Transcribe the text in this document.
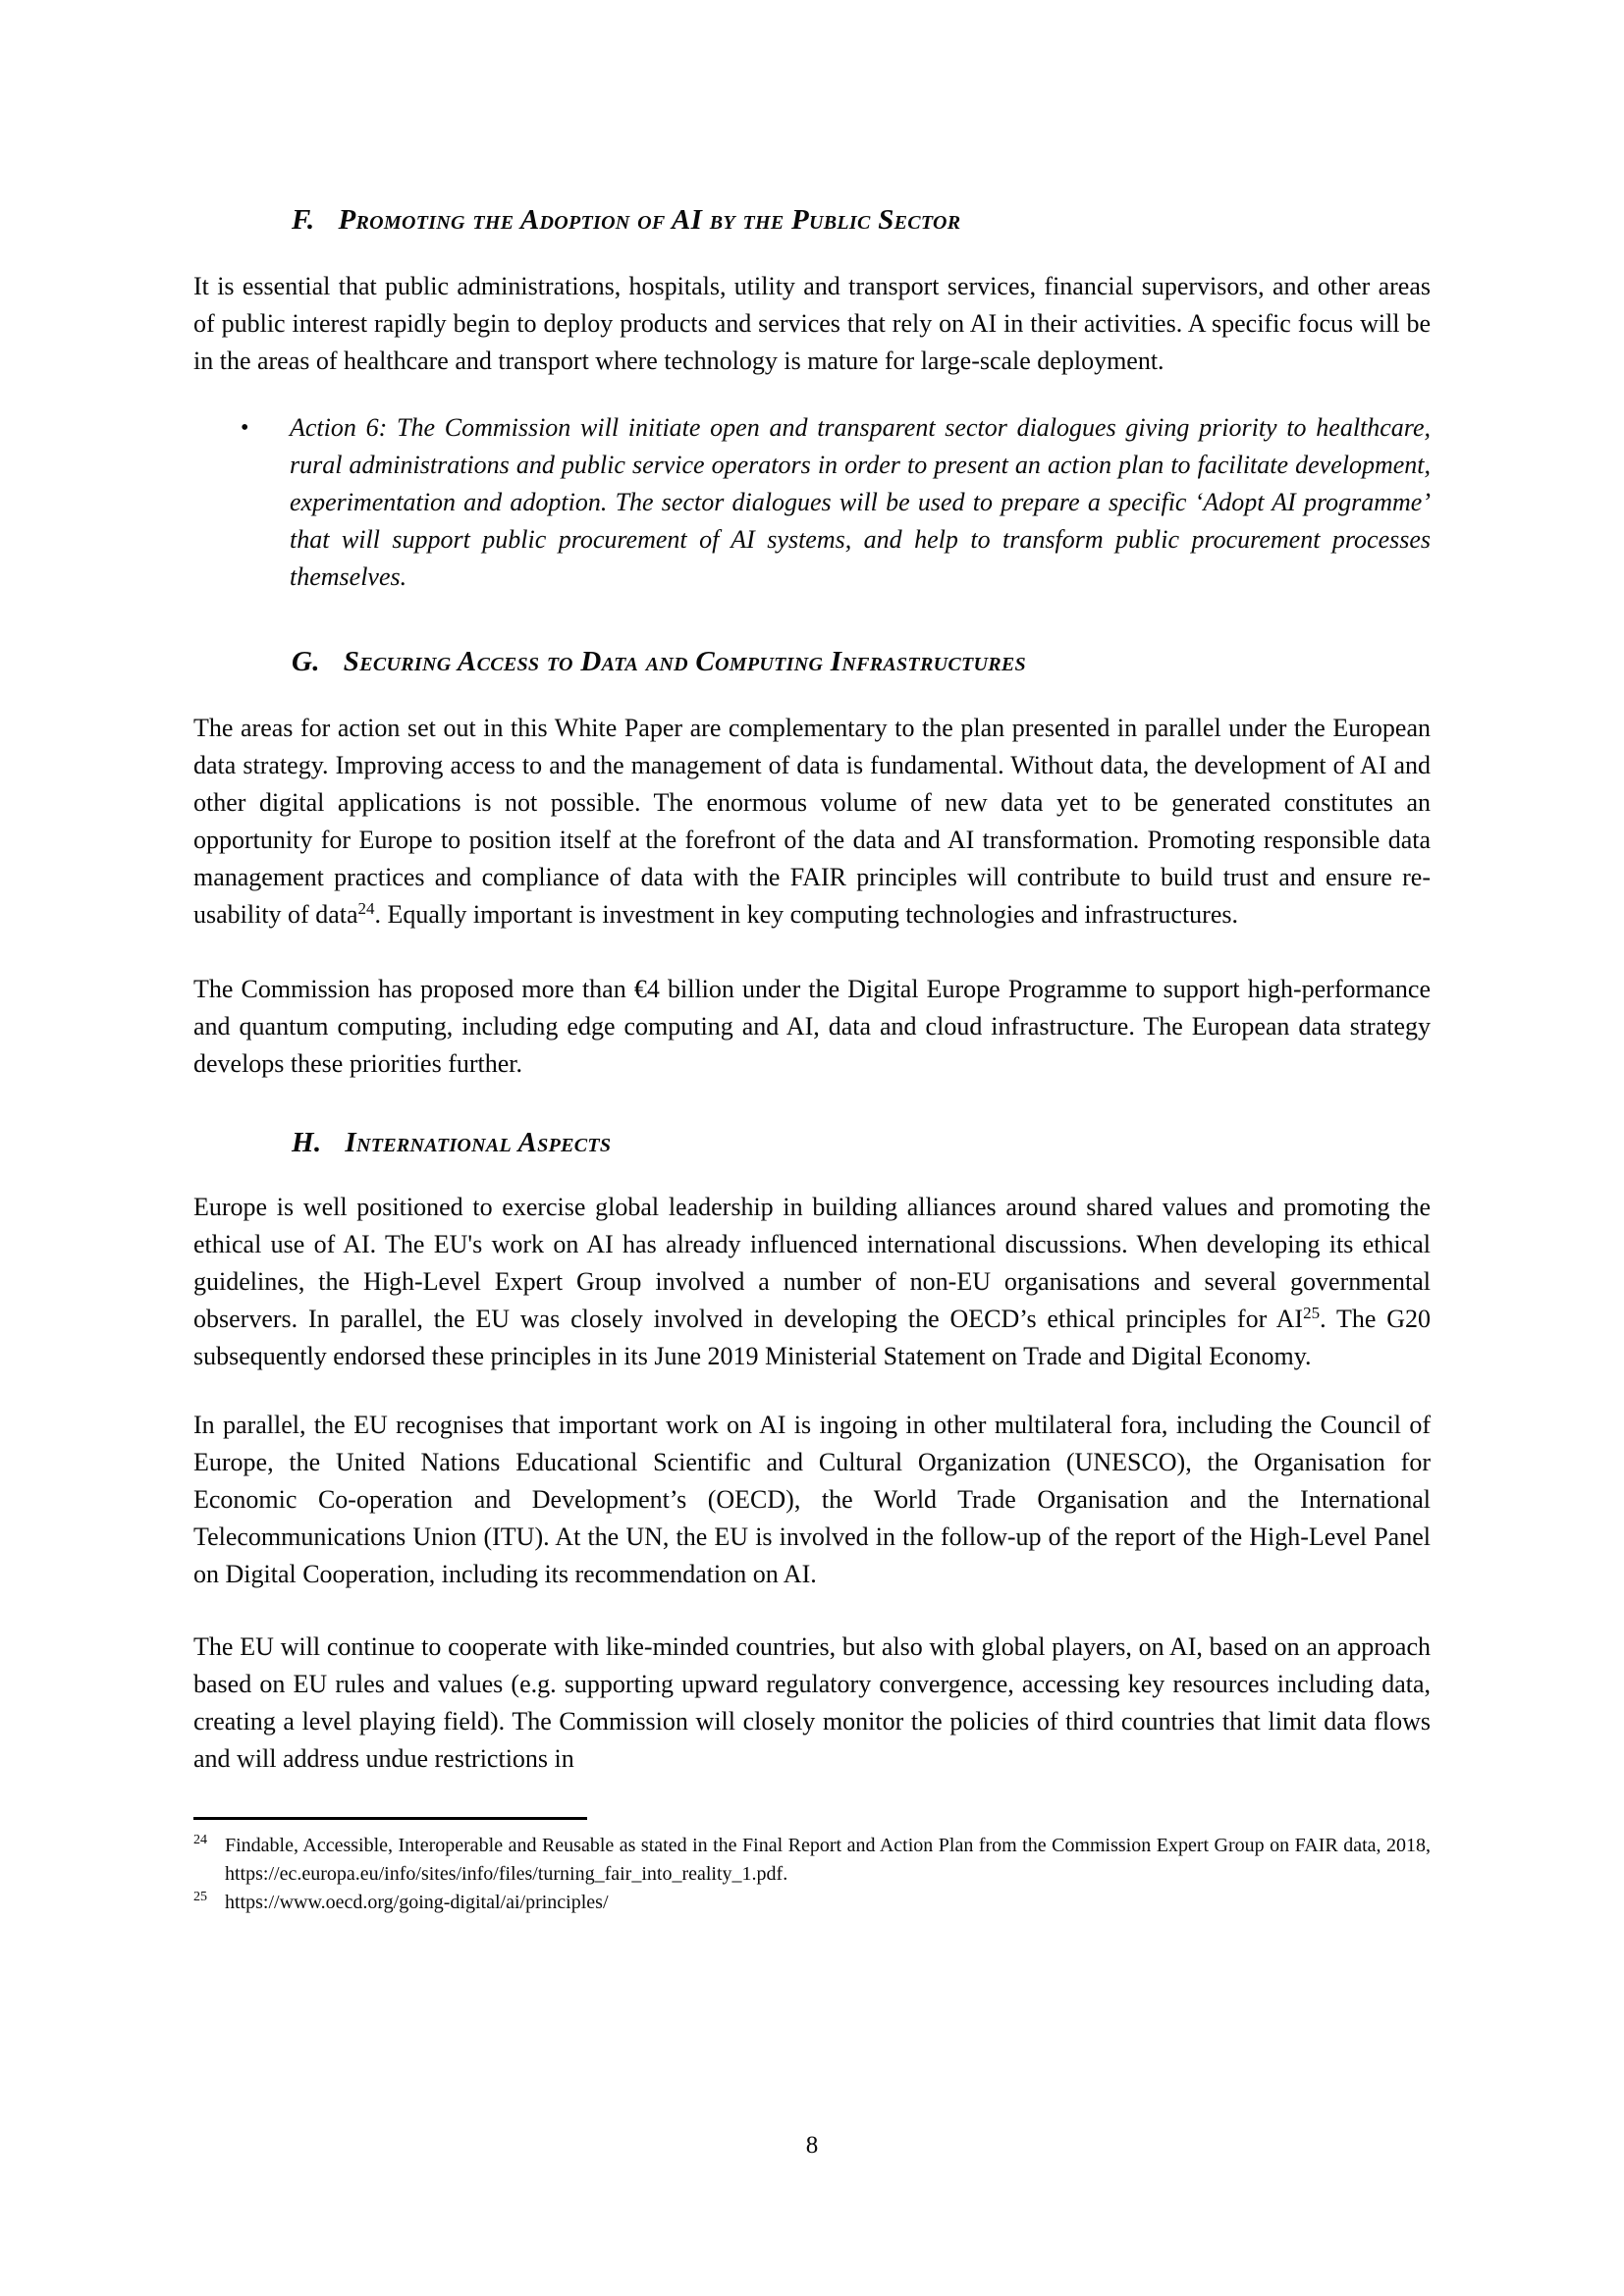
F. Promoting the Adoption of AI by the Public Sector

It is essential that public administrations, hospitals, utility and transport services, financial supervisors, and other areas of public interest rapidly begin to deploy products and services that rely on AI in their activities. A specific focus will be in the areas of healthcare and transport where technology is mature for large-scale deployment.

•	Action 6: The Commission will initiate open and transparent sector dialogues giving priority to healthcare, rural administrations and public service operators in order to present an action plan to facilitate development, experimentation and adoption. The sector dialogues will be used to prepare a specific ‘Adopt AI programme’ that will support public procurement of AI systems, and help to transform public procurement processes themselves.
G. Securing Access to Data and Computing Infrastructures

The areas for action set out in this White Paper are complementary to the plan presented in parallel under the European data strategy. Improving access to and the management of data is fundamental. Without data, the development of AI and other digital applications is not possible. The enormous volume of new data yet to be generated constitutes an opportunity for Europe to position itself at the forefront of the data and AI transformation. Promoting responsible data management practices and compliance of data with the FAIR principles will contribute to build trust and ensure re-usability of data$^{24}$. Equally important is investment in key computing technologies and infrastructures.

The Commission has proposed more than €4 billion under the Digital Europe Programme to support high-performance and quantum computing, including edge computing and AI, data and cloud infrastructure. The European data strategy develops these priorities further.

H. International Aspects

Europe is well positioned to exercise global leadership in building alliances around shared values and promoting the ethical use of AI. The EU's work on AI has already influenced international discussions. When developing its ethical guidelines, the High-Level Expert Group involved a number of non-EU organisations and several governmental observers. In parallel, the EU was closely involved in developing the OECD’s ethical principles for AI$^{25}$. The G20 subsequently endorsed these principles in its June 2019 Ministerial Statement on Trade and Digital Economy.

In parallel, the EU recognises that important work on AI is ingoing in other multilateral fora, including the Council of Europe, the United Nations Educational Scientific and Cultural Organization (UNESCO), the Organisation for Economic Co-operation and Development’s (OECD), the World Trade Organisation and the International Telecommunications Union (ITU). At the UN, the EU is involved in the follow-up of the report of the High-Level Panel on Digital Cooperation, including its recommendation on AI.

The EU will continue to cooperate with like-minded countries, but also with global players, on AI, based on an approach based on EU rules and values (e.g. supporting upward regulatory convergence, accessing key resources including data, creating a level playing field). The Commission will closely monitor the policies of third countries that limit data flows and will address undue restrictions in

24 Findable, Accessible, Interoperable and Reusable as stated in the Final Report and Action Plan from the Commission Expert Group on FAIR data, 2018, https://ec.europa.eu/info/sites/info/files/turning_fair_into_reality_1.pdf.
25 https://www.oecd.org/going-digital/ai/principles/
8
